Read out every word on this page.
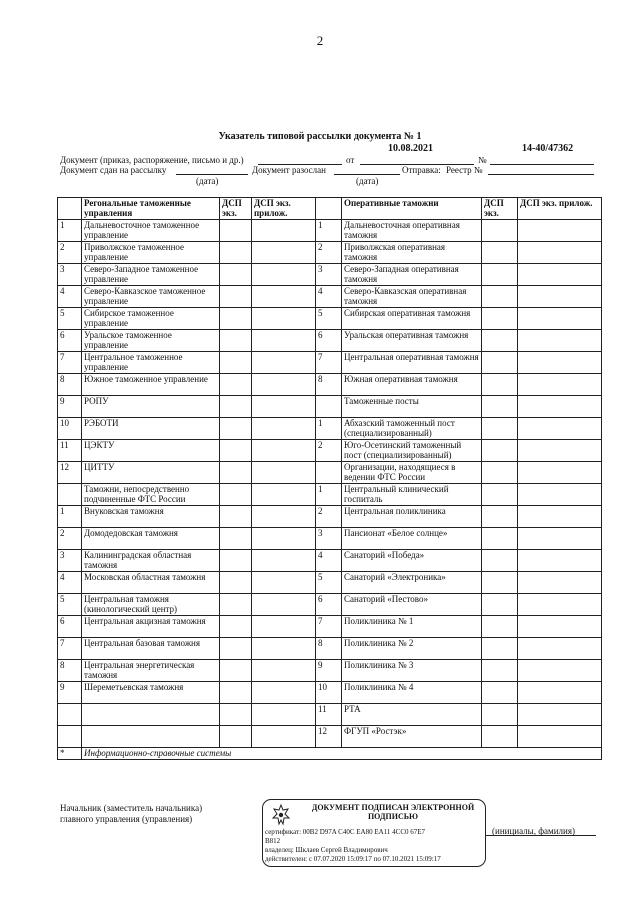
2
Указатель типовой рассылки документа № 1
10.08.2021	14-40/47362
Документ (приказ, распоряжение, письмо и др.)	от	№
Документ сдан на рассылку	Документ разослан	Отправка: Реестр №
(дата)	(дата)
	Регональные таможенные управления	ДСП экз.	ДСП экз. прилож.		Оперативные таможни	ДСП экз.	ДСП экз. прилож.
1	Дальневосточное таможенное управление			1	Дальневосточная оперативная таможня		
2	Приволжское таможенное управление			2	Приволжская оперативная таможня		
3	Северо-Западное таможенное управление			3	Северо-Западная оперативная таможня		
4	Северо-Кавказское таможенное управление			4	Северо-Кавказская оперативная таможня		
5	Сибирское таможенное управление			5	Сибирская оперативная таможня		
6	Уральское таможенное управление			6	Уральская оперативная таможня		
7	Центральное таможенное управление			7	Центральная оперативная таможня		
8	Южное таможенное управление			8	Южная оперативная таможня		
9	РОПУ				Таможенные посты		
10	РЭБОТИ			1	Абхазский таможенный пост (специализированный)		
11	ЦЭКТУ			2	Юго-Осетинский таможенный пост (специализированный)		
12	ЦИТТУ				Организации, находящиеся в ведении ФТС России		
	Таможни, непосредственно подчиненные ФТС России			1	Центральный клинический госпиталь		
1	Внуковская таможня			2	Центральная поликлиника		
2	Домодедовская таможня			3	Пансионат «Белое солнце»		
3	Калининградская областная таможня			4	Санаторий «Победа»		
4	Московская областная таможня			5	Санаторий «Электроника»		
5	Центральная таможня (кинологический центр)			6	Санаторий «Пестово»		
6	Центральная акцизная таможня			7	Поликлиника № 1		
7	Центральная базовая таможня			8	Поликлиника № 2		
8	Центральная энергетическая таможня			9	Поликлиника № 3		
9	Шереметьевская таможня			10	Поликлиника № 4		
				11	РТА		
				12	ФГУП «Ростэк»		
*	Информационно-справочные системы						
Начальник (заместитель начальника) главного управления (управления)
ДОКУМЕНТ ПОДПИСАН ЭЛЕКТРОННОЙ ПОДПИСЬЮ
сертификат: 00B2 D97A C40C EA80 EA11 4CC0 67E7
B812
владелец: Шклаев Сергей Владимирович
действителен: с 07.07.2020 15:09:17 по 07.10.2021 15:09:17
(инициалы, фамилия)
